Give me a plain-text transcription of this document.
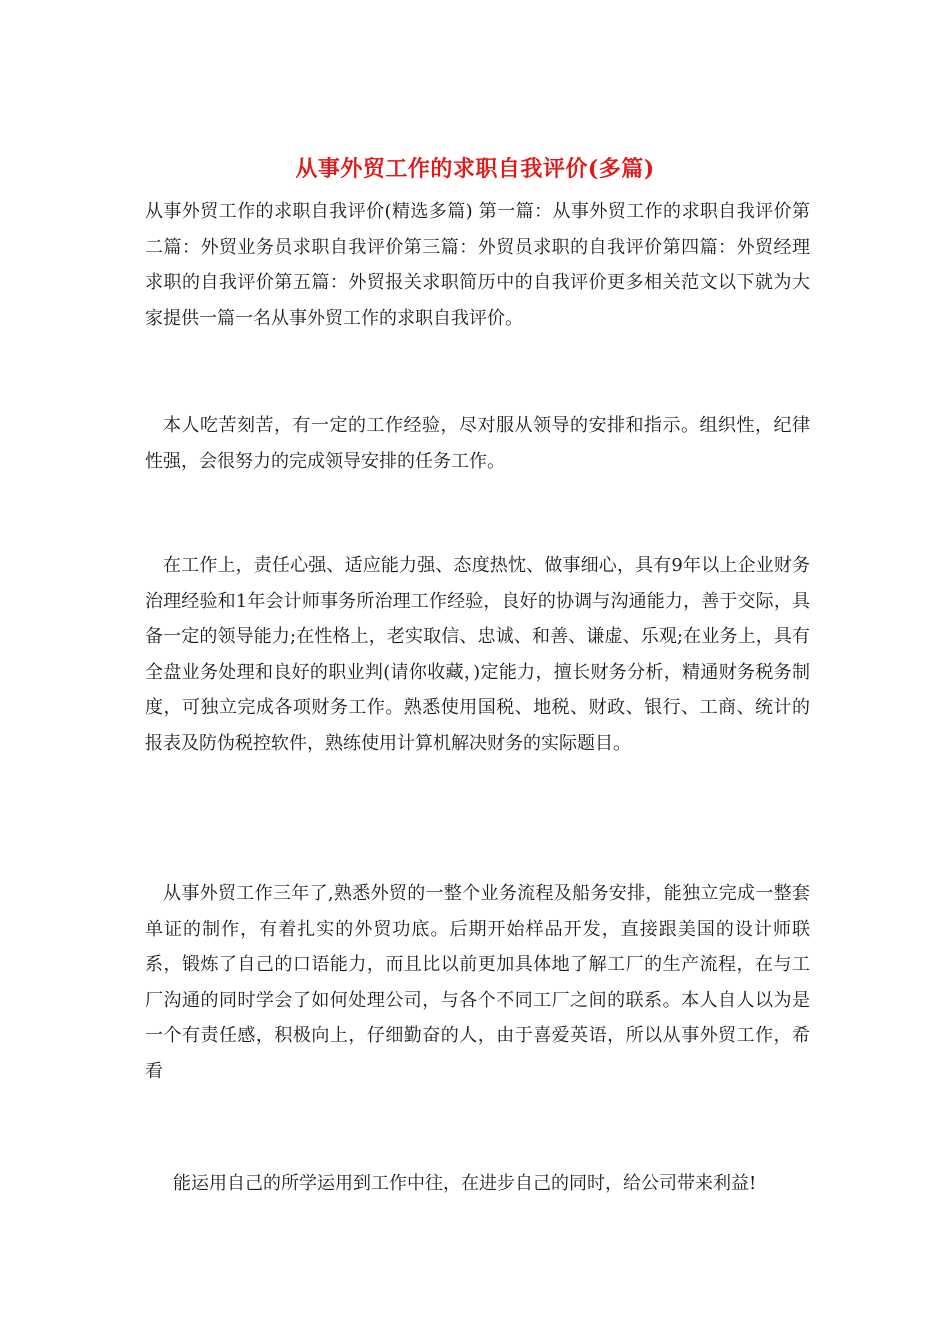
从事外贸工作的求职自我评价(多篇)

从事外贸工作的求职自我评价(精选多篇) 第一篇：从事外贸工作的求职自我评价第二篇：外贸业务员求职自我评价第三篇：外贸员求职的自我评价第四篇：外贸经理求职的自我评价第五篇：外贸报关求职简历中的自我评价更多相关范文以下就为大家提供一篇一名从事外贸工作的求职自我评价。

本人吃苦刻苦，有一定的工作经验，尽对服从领导的安排和指示。组织性，纪律性强，会很努力的完成领导安排的任务工作。

在工作上，责任心强、适应能力强、态度热忱、做事细心，具有9年以上企业财务治理经验和1年会计师事务所治理工作经验，良好的协调与沟通能力，善于交际，具备一定的领导能力;在性格上，老实取信、忠诚、和善、谦虚、乐观;在业务上，具有全盘业务处理和良好的职业判(请你收藏，)定能力，擅长财务分析，精通财务税务制度，可独立完成各项财务工作。熟悉使用国税、地税、财政、银行、工商、统计的报表及防伪税控软件，熟练使用计算机解决财务的实际题目。

从事外贸工作三年了,熟悉外贸的一整个业务流程及船务安排，能独立完成一整套单证的制作，有着扎实的外贸功底。后期开始样品开发，直接跟美国的设计师联系，锻炼了自己的口语能力，而且比以前更加具体地了解工厂的生产流程，在与工厂沟通的同时学会了如何处理公司，与各个不同工厂之间的联系。本人自人以为是一个有责任感，积极向上，仔细勤奋的人，由于喜爱英语，所以从事外贸工作，希看

能运用自己的所学运用到工作中往，在进步自己的同时，给公司带来利益!
